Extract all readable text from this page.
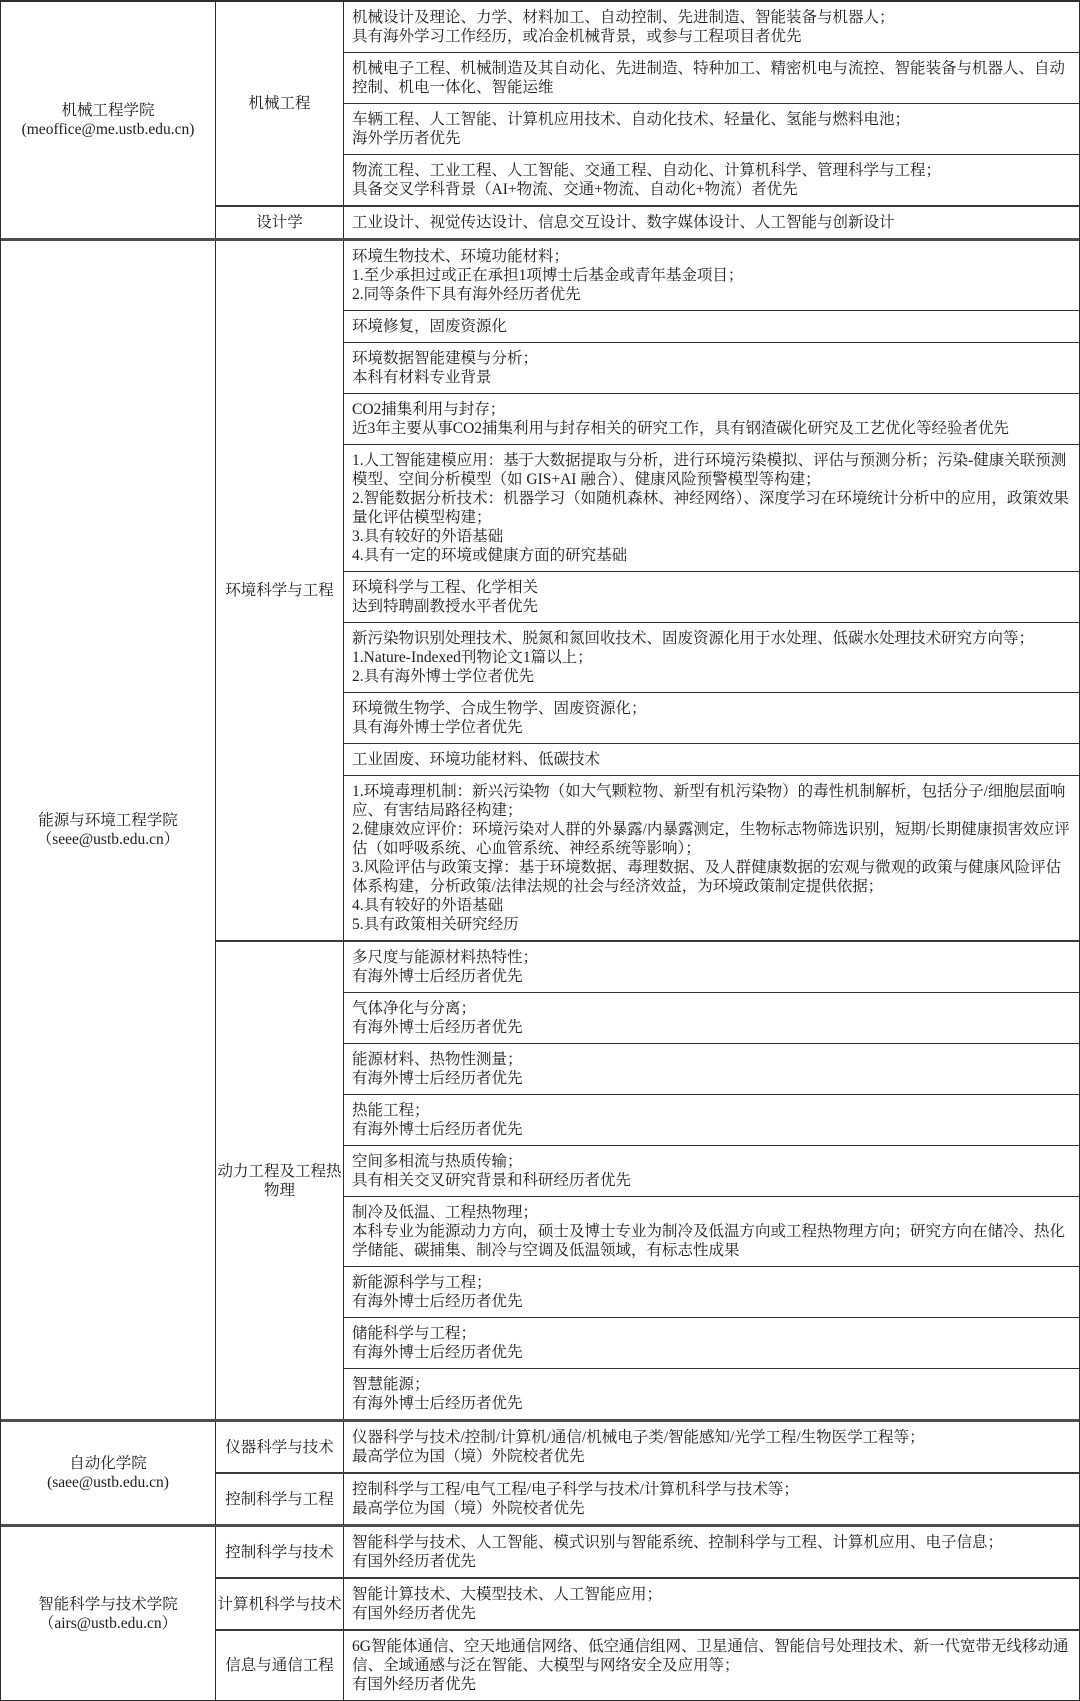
机械工程学院
(meoffice@me.ustb.edu.cn)
机械工程
机械设计及理论、力学、材料加工、自动控制、先进制造、智能装备与机器人；
具有海外学习工作经历，或冶金机械背景，或参与工程项目者优先
机械电子工程、机械制造及其自动化、先进制造、特种加工、精密机电与流控、智能装备与机器人、自动控制、机电一体化、智能运维
车辆工程、人工智能、计算机应用技术、自动化技术、轻量化、氢能与燃料电池；
海外学历者优先
物流工程、工业工程、人工智能、交通工程、自动化、计算机科学、管理科学与工程；
具备交叉学科背景（AI+物流、交通+物流、自动化+物流）者优先
设计学	工业设计、视觉传达设计、信息交互设计、数字媒体设计、人工智能与创新设计
能源与环境工程学院
（seee@ustb.edu.cn）
环境科学与工程
环境生物技术、环境功能材料；
1.至少承担过或正在承担1项博士后基金或青年基金项目；
2.同等条件下具有海外经历者优先
环境修复，固废资源化
环境数据智能建模与分析；
本科有材料专业背景
CO2捕集利用与封存；
近3年主要从事CO2捕集利用与封存相关的研究工作，具有钢渣碳化研究及工艺优化等经验者优先
1.人工智能建模应用：基于大数据提取与分析，进行环境污染模拟、评估与预测分析；污染-健康关联预测模型、空间分析模型（如 GIS+AI 融合）、健康风险预警模型等构建；
2.智能数据分析技术：机器学习（如随机森林、神经网络）、深度学习在环境统计分析中的应用，政策效果量化评估模型构建；
3.具有较好的外语基础
4.具有一定的环境或健康方面的研究基础
环境科学与工程、化学相关
达到特聘副教授水平者优先
新污染物识别处理技术、脱氮和氮回收技术、固废资源化用于水处理、低碳水处理技术研究方向等；
1.Nature-Indexed刊物论文1篇以上；
2.具有海外博士学位者优先
环境微生物学、合成生物学、固废资源化；
具有海外博士学位者优先
工业固废、环境功能材料、低碳技术
1.环境毒理机制：新兴污染物（如大气颗粒物、新型有机污染物）的毒性机制解析，包括分子/细胞层面响应、有害结局路径构建；
2.健康效应评价：环境污染对人群的外暴露/内暴露测定，生物标志物筛选识别，短期/长期健康损害效应评估（如呼吸系统、心血管系统、神经系统等影响）；
3.风险评估与政策支撑：基于环境数据、毒理数据、及人群健康数据的宏观与微观的政策与健康风险评估体系构建，分析政策/法律法规的社会与经济效益，为环境政策制定提供依据；
4.具有较好的外语基础
5.具有政策相关研究经历
动力工程及工程热物理
多尺度与能源材料热特性；
有海外博士后经历者优先
气体净化与分离；
有海外博士后经历者优先
能源材料、热物性测量；
有海外博士后经历者优先
热能工程；
有海外博士后经历者优先
空间多相流与热质传输；
具有相关交叉研究背景和科研经历者优先
制冷及低温、工程热物理；
本科专业为能源动力方向，硕士及博士专业为制冷及低温方向或工程热物理方向；研究方向在储冷、热化学储能、碳捕集、制冷与空调及低温领域，有标志性成果
新能源科学与工程；
有海外博士后经历者优先
储能科学与工程；
有海外博士后经历者优先
智慧能源；
有海外博士后经历者优先
自动化学院
(saee@ustb.edu.cn)
仪器科学与技术
仪器科学与技术/控制/计算机/通信/机械电子类/智能感知/光学工程/生物医学工程等；
最高学位为国（境）外院校者优先
控制科学与工程
控制科学与工程/电气工程/电子科学与技术/计算机科学与技术等；
最高学位为国（境）外院校者优先
智能科学与技术学院
（airs@ustb.edu.cn）
控制科学与技术
智能科学与技术、人工智能、模式识别与智能系统、控制科学与工程、计算机应用、电子信息；
有国外经历者优先
计算机科学与技术
智能计算技术、大模型技术、人工智能应用；
有国外经历者优先
信息与通信工程
6G智能体通信、空天地通信网络、低空通信组网、卫星通信、智能信号处理技术、新一代宽带无线移动通信、全域通感与泛在智能、大模型与网络安全及应用等；
有国外经历者优先
